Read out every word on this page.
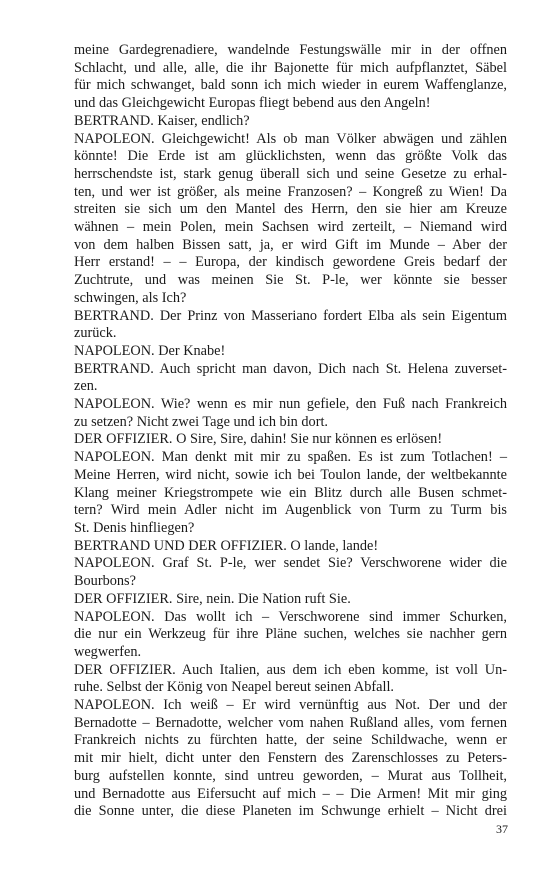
meine Gardegrenadiere, wandelnde Festungswälle mir in der offnen
Schlacht, und alle, alle, die ihr Bajonette für mich aufpflanztet, Säbel
für mich schwanget, bald sonn ich mich wieder in eurem Waffenglanze,
und das Gleichgewicht Europas fliegt bebend aus den Angeln!
BERTRAND. Kaiser, endlich?
NAPOLEON. Gleichgewicht! Als ob man Völker abwägen und zählen
könnte! Die Erde ist am glücklichsten, wenn das größte Volk das
herrschendste ist, stark genug überall sich und seine Gesetze zu erhal-
ten, und wer ist größer, als meine Franzosen? – Kongreß zu Wien! Da
streiten sie sich um den Mantel des Herrn, den sie hier am Kreuze
wähnen – mein Polen, mein Sachsen wird zerteilt, – Niemand wird
von dem halben Bissen satt, ja, er wird Gift im Munde – Aber der
Herr erstand! – – Europa, der kindisch gewordene Greis bedarf der
Zuchtrute, und was meinen Sie St. P-le, wer könnte sie besser
schwingen, als Ich?
BERTRAND. Der Prinz von Masseriano fordert Elba als sein Eigentum
zurück.
NAPOLEON. Der Knabe!
BERTRAND. Auch spricht man davon, Dich nach St. Helena zuverset-
zen.
NAPOLEON. Wie? wenn es mir nun gefiele, den Fuß nach Frankreich
zu setzen? Nicht zwei Tage und ich bin dort.
DER OFFIZIER. O Sire, Sire, dahin! Sie nur können es erlösen!
NAPOLEON. Man denkt mit mir zu spaßen. Es ist zum Totlachen! –
Meine Herren, wird nicht, sowie ich bei Toulon lande, der weltbekannte
Klang meiner Kriegstrompete wie ein Blitz durch alle Busen schmet-
tern? Wird mein Adler nicht im Augenblick von Turm zu Turm bis
St. Denis hinfliegen?
BERTRAND UND DER OFFIZIER. O lande, lande!
NAPOLEON. Graf St. P-le, wer sendet Sie? Verschworene wider die
Bourbons?
DER OFFIZIER. Sire, nein. Die Nation ruft Sie.
NAPOLEON. Das wollt ich – Verschworene sind immer Schurken,
die nur ein Werkzeug für ihre Pläne suchen, welches sie nachher gern
wegwerfen.
DER OFFIZIER. Auch Italien, aus dem ich eben komme, ist voll Un-
ruhe. Selbst der König von Neapel bereut seinen Abfall.
NAPOLEON. Ich weiß – Er wird vernünftig aus Not. Der und der
Bernadotte – Bernadotte, welcher vom nahen Rußland alles, vom fernen
Frankreich nichts zu fürchten hatte, der seine Schildwache, wenn er
mit mir hielt, dicht unter den Fenstern des Zarenschlosses zu Peters-
burg aufstellen konnte, sind untreu geworden, – Murat aus Tollheit,
und Bernadotte aus Eifersucht auf mich – – Die Armen! Mit mir ging
die Sonne unter, die diese Planeten im Schwunge erhielt – Nicht drei
37
